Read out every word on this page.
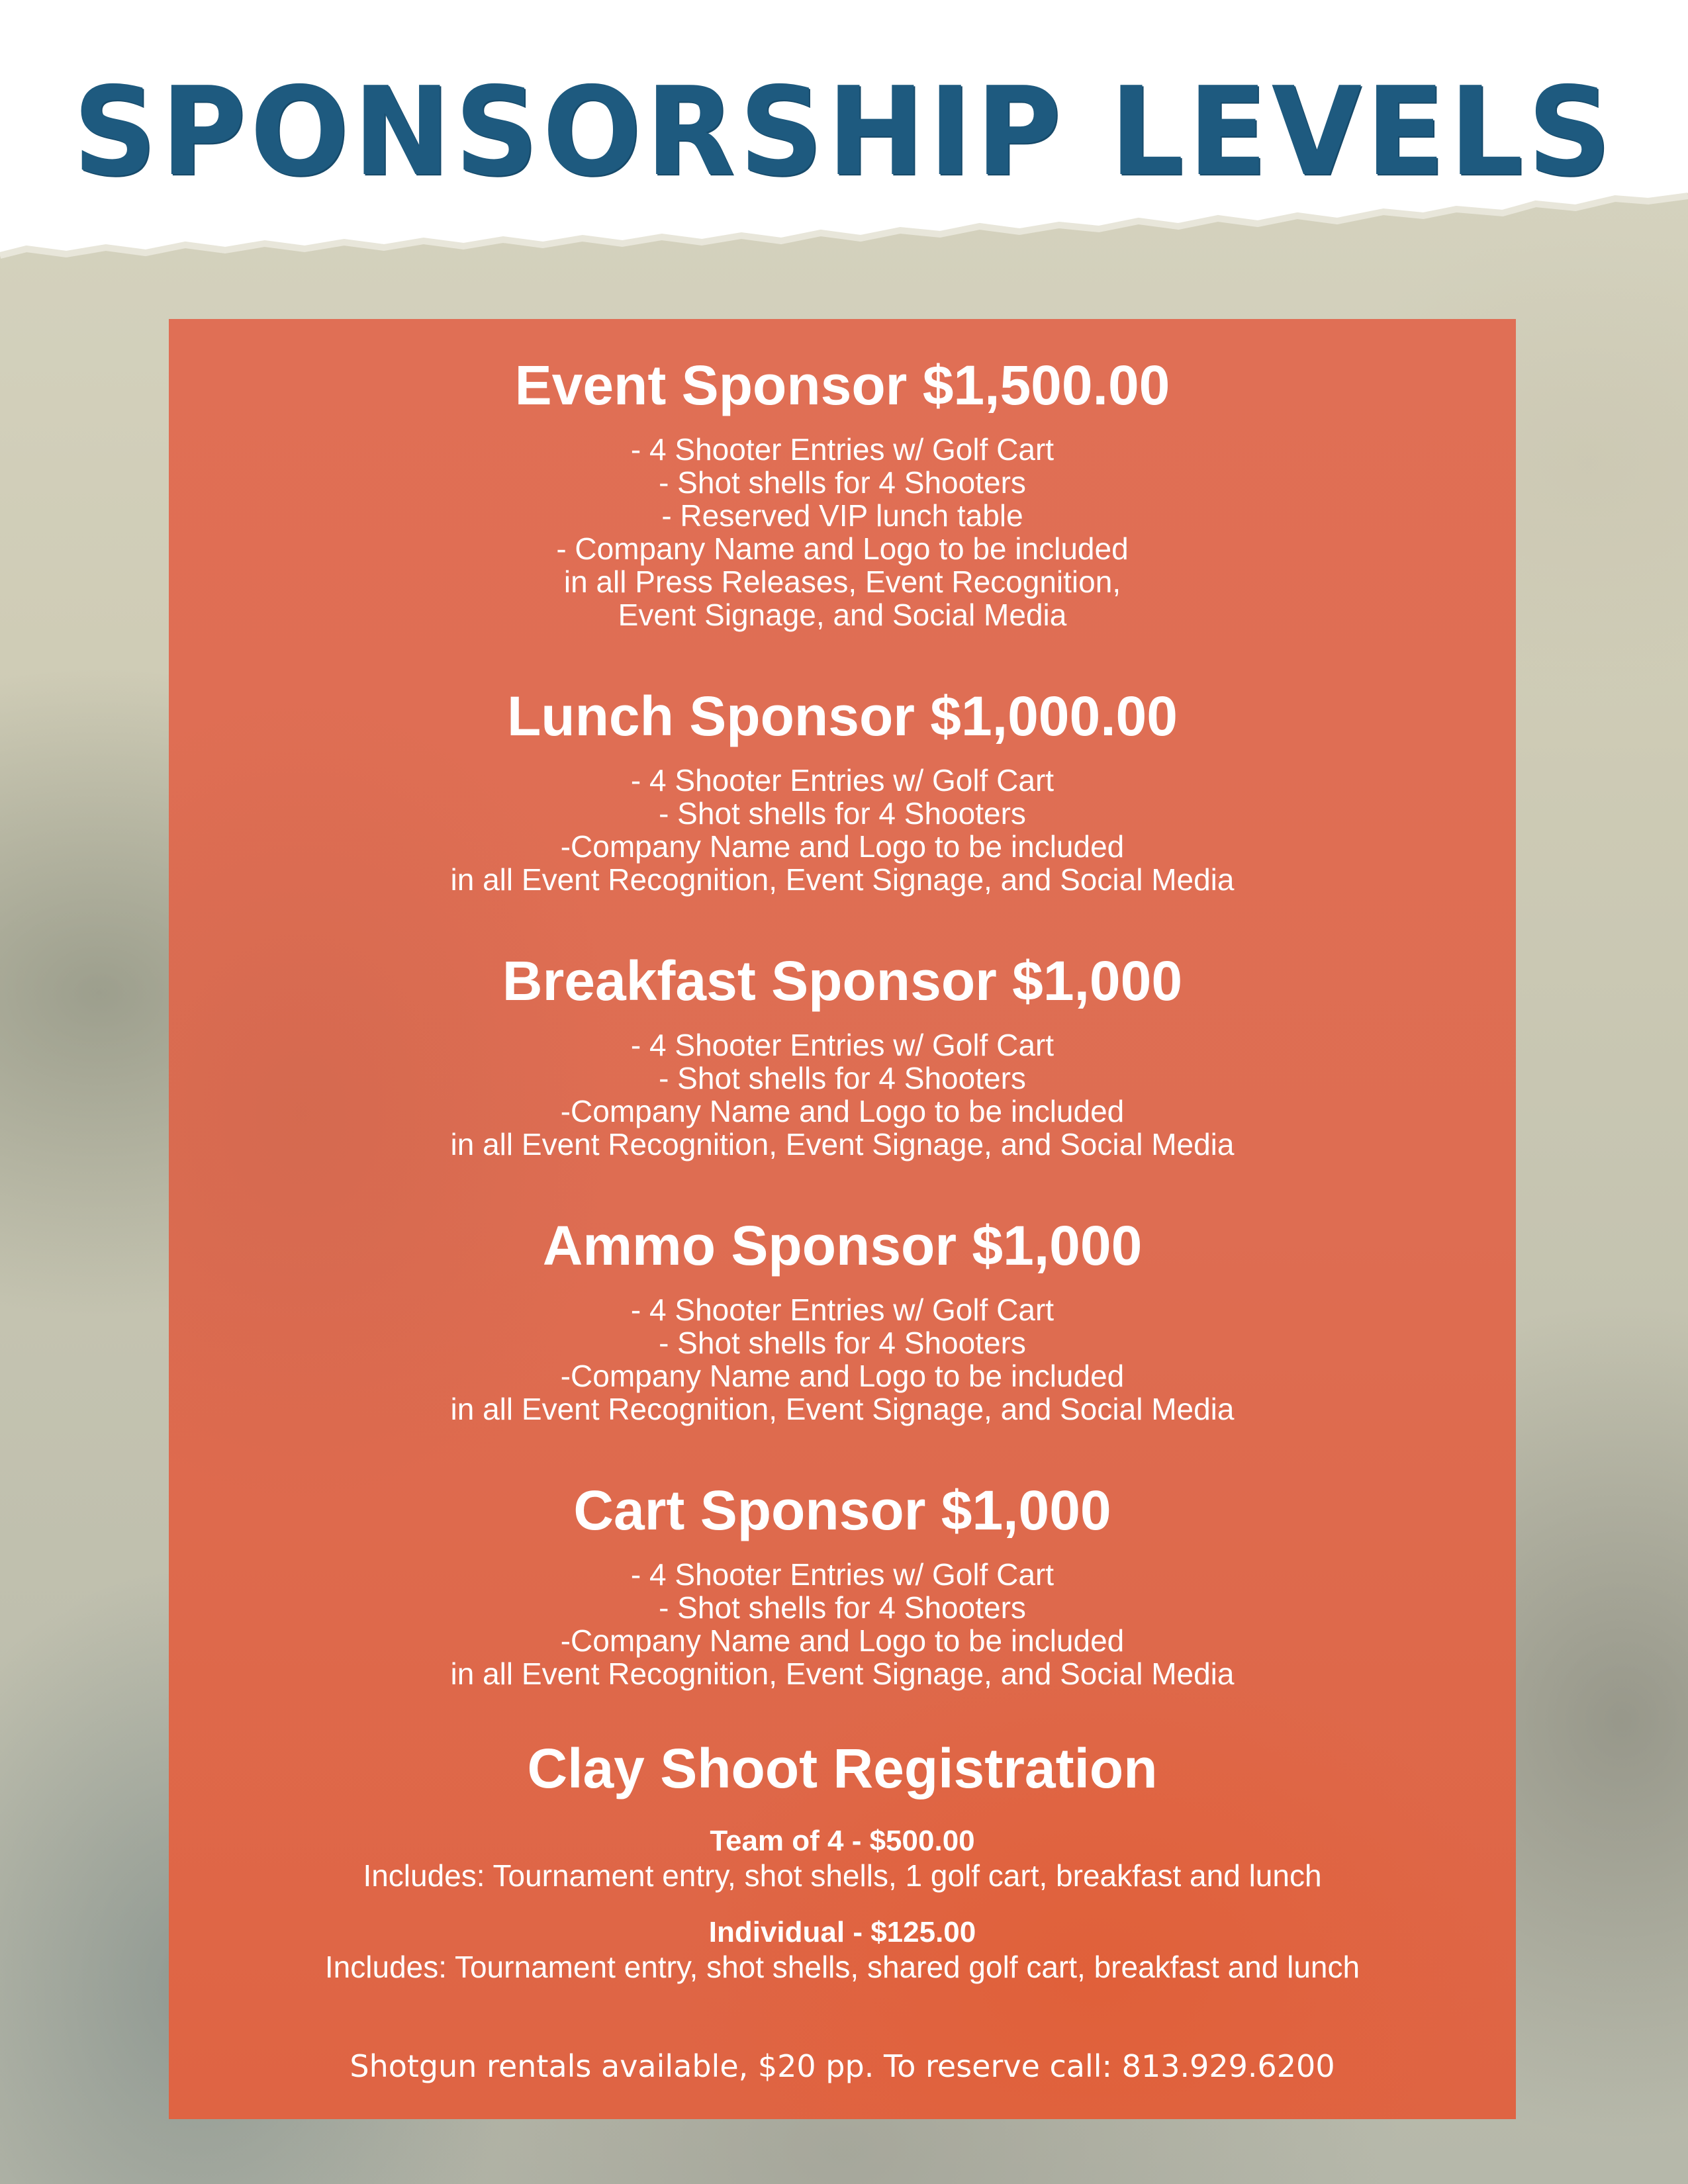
SPONSORSHIP LEVELS
Event Sponsor $1,500.00
- 4 Shooter Entries w/ Golf Cart
- Shot shells for 4 Shooters
- Reserved VIP lunch table
- Company Name and Logo to be included
in all Press Releases, Event Recognition,
Event Signage, and Social Media
Lunch Sponsor $1,000.00
- 4 Shooter Entries w/ Golf Cart
- Shot shells for 4 Shooters
-Company Name and Logo to be included
in all Event Recognition, Event Signage, and Social Media
Breakfast Sponsor $1,000
- 4 Shooter Entries w/ Golf Cart
- Shot shells for 4 Shooters
-Company Name and Logo to be included
in all Event Recognition, Event Signage, and Social Media
Ammo Sponsor $1,000
- 4 Shooter Entries w/ Golf Cart
- Shot shells for 4 Shooters
-Company Name and Logo to be included
in all Event Recognition, Event Signage, and Social Media
Cart Sponsor $1,000
- 4 Shooter Entries w/ Golf Cart
- Shot shells for 4 Shooters
-Company Name and Logo to be included
in all Event Recognition, Event Signage, and Social Media
Clay Shoot Registration
Team of 4 - $500.00
Includes: Tournament entry, shot shells, 1 golf cart, breakfast and lunch
Individual - $125.00
Includes: Tournament entry, shot shells, shared golf cart, breakfast and lunch
Shotgun rentals available, $20 pp. To reserve call: 813.929.6200
